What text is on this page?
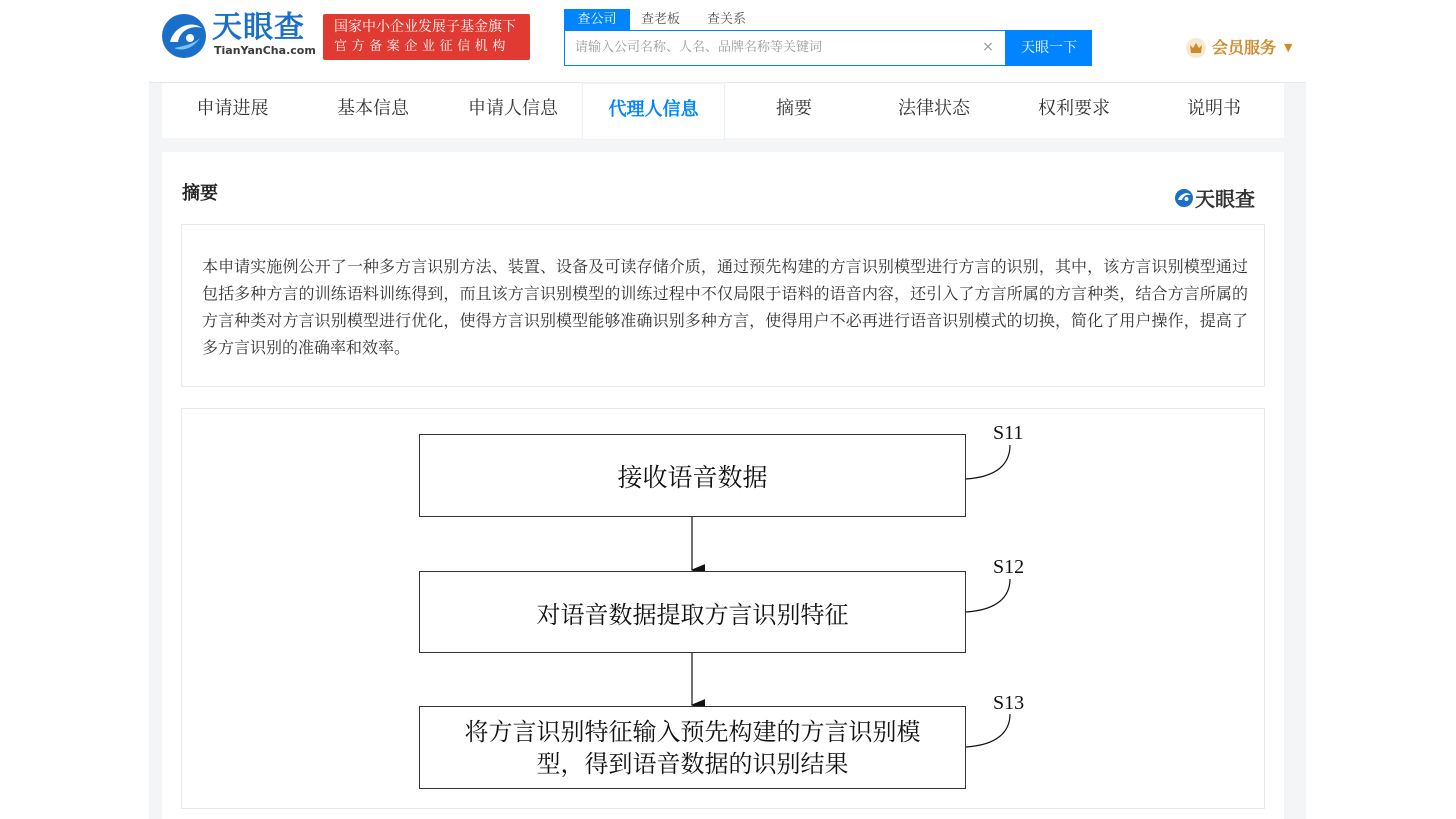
天眼查
TianYanCha.com
国家中小企业发展子基金旗下
官方备案企业征信机构
查公司	查老板 查关系
请输入公司名称、人名、品牌名称等关键词	×	天眼一下	会员服务 ▼
申请进展	基本信息	申请人信息	代理人信息	摘要	法律状态	权利要求	说明书
摘要	天眼查
本申请实施例公开了一种多方言识别方法、装置、设备及可读存储介质，通过预先构建的方言识别模型进行方言的识别，其中，该方言识别模型通过包括多种方言的训练语料训练得到，而且该方言识别模型的训练过程中不仅局限于语料的语音内容，还引入了方言所属的方言种类，结合方言所属的方言种类对方言识别模型进行优化，使得方言识别模型能够准确识别多种方言，使得用户不必再进行语音识别模式的切换，简化了用户操作，提高了多方言识别的准确率和效率。
接收语音数据
对语音数据提取方言识别特征
将方言识别特征输入预先构建的方言识别模
型，得到语音数据的识别结果
S11
S12
S13
